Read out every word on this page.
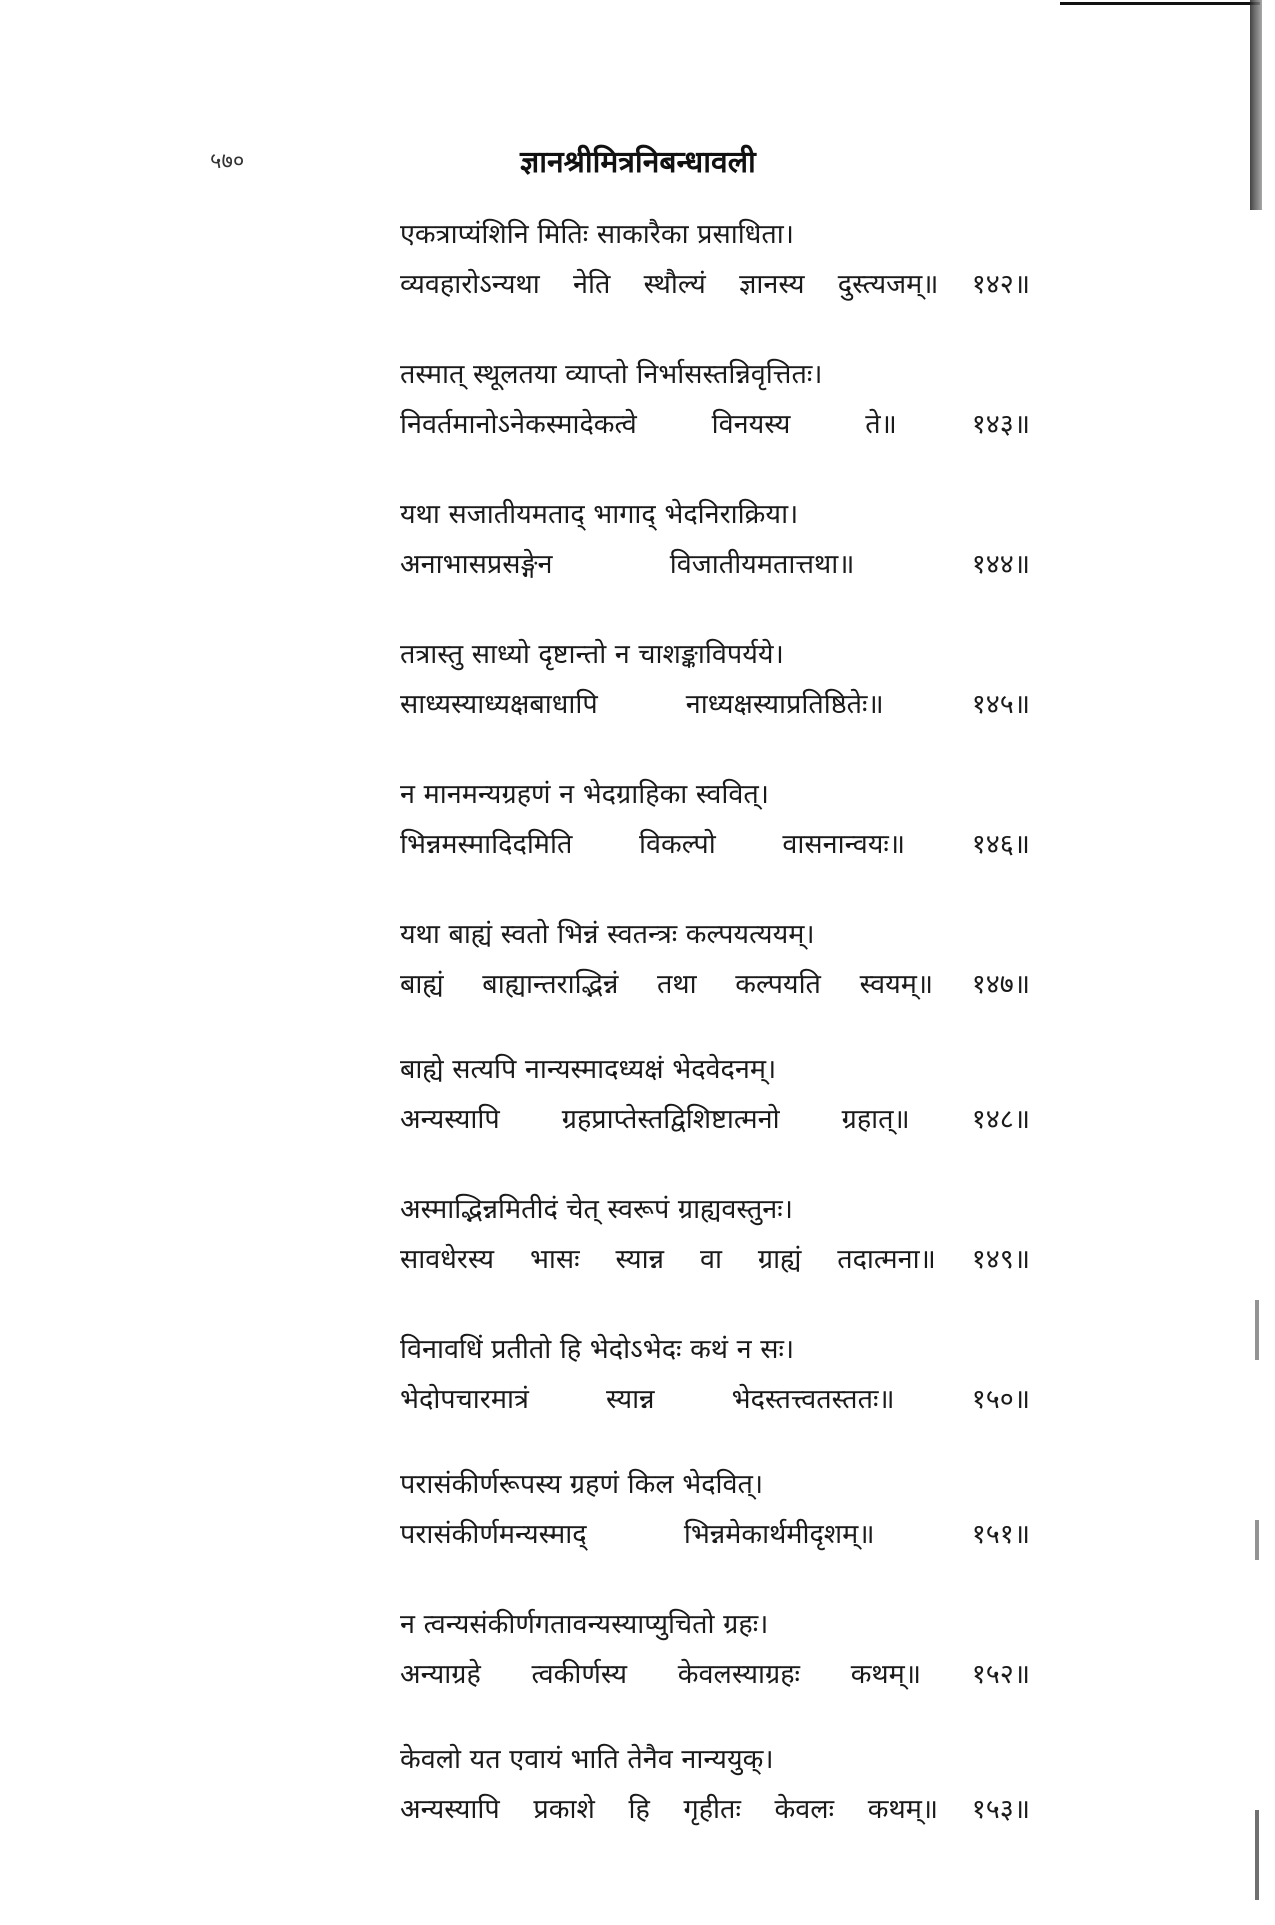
५७०	ज्ञानश्रीमित्रनिबन्धावली
एकत्राप्यंशिनि मितिः साकारैका प्रसाधिता।
व्यवहारोऽन्यथा नेति स्थौल्यं ज्ञानस्य दुस्त्यजम्॥ १४२॥
तस्मात् स्थूलतया व्याप्तो निर्भासस्तन्निवृत्तितः।
निवर्तमानोऽनेकस्मादेकत्वे विनयस्य ते॥ १४३॥
यथा सजातीयमताद् भागाद् भेदनिराक्रिया।
अनाभासप्रसङ्गेन विजातीयमतात्तथा॥ १४४॥
तत्रास्तु साध्यो दृष्टान्तो न चाशङ्काविपर्यये।
साध्यस्याध्यक्षबाधापि नाध्यक्षस्याप्रतिष्ठितेः॥ १४५॥
न मानमन्यग्रहणं न भेदग्राहिका स्ववित्।
भिन्नमस्मादिदमिति विकल्पो वासनान्वयः॥ १४६॥
यथा बाह्यं स्वतो भिन्नं स्वतन्त्रः कल्पयत्ययम्।
बाह्यं बाह्यान्तराद्भिन्नं तथा कल्पयति स्वयम्॥ १४७॥
बाह्ये सत्यपि नान्यस्मादध्यक्षं भेदवेदनम्।
अन्यस्यापि ग्रहप्राप्तेस्तद्विशिष्टात्मनो ग्रहात्॥ १४८॥
अस्माद्भिन्नमितीदं चेत् स्वरूपं ग्राह्यवस्तुनः।
सावधेरस्य भासः स्यान्न वा ग्राह्यं तदात्मना॥ १४९॥
विनावधिं प्रतीतो हि भेदोऽभेदः कथं न सः।
भेदोपचारमात्रं स्यान्न भेदस्तत्त्वतस्ततः॥ १५०॥
परासंकीर्णरूपस्य ग्रहणं किल भेदवित्।
परासंकीर्णमन्यस्माद् भिन्नमेकार्थमीदृशम्॥ १५१॥
न त्वन्यसंकीर्णगतावन्यस्याप्युचितो ग्रहः।
अन्याग्रहे त्वकीर्णस्य केवलस्याग्रहः कथम्॥ १५२॥
केवलो यत एवायं भाति तेनैव नान्ययुक्।
अन्यस्यापि प्रकाशे हि गृहीतः केवलः कथम्॥ १५३॥
